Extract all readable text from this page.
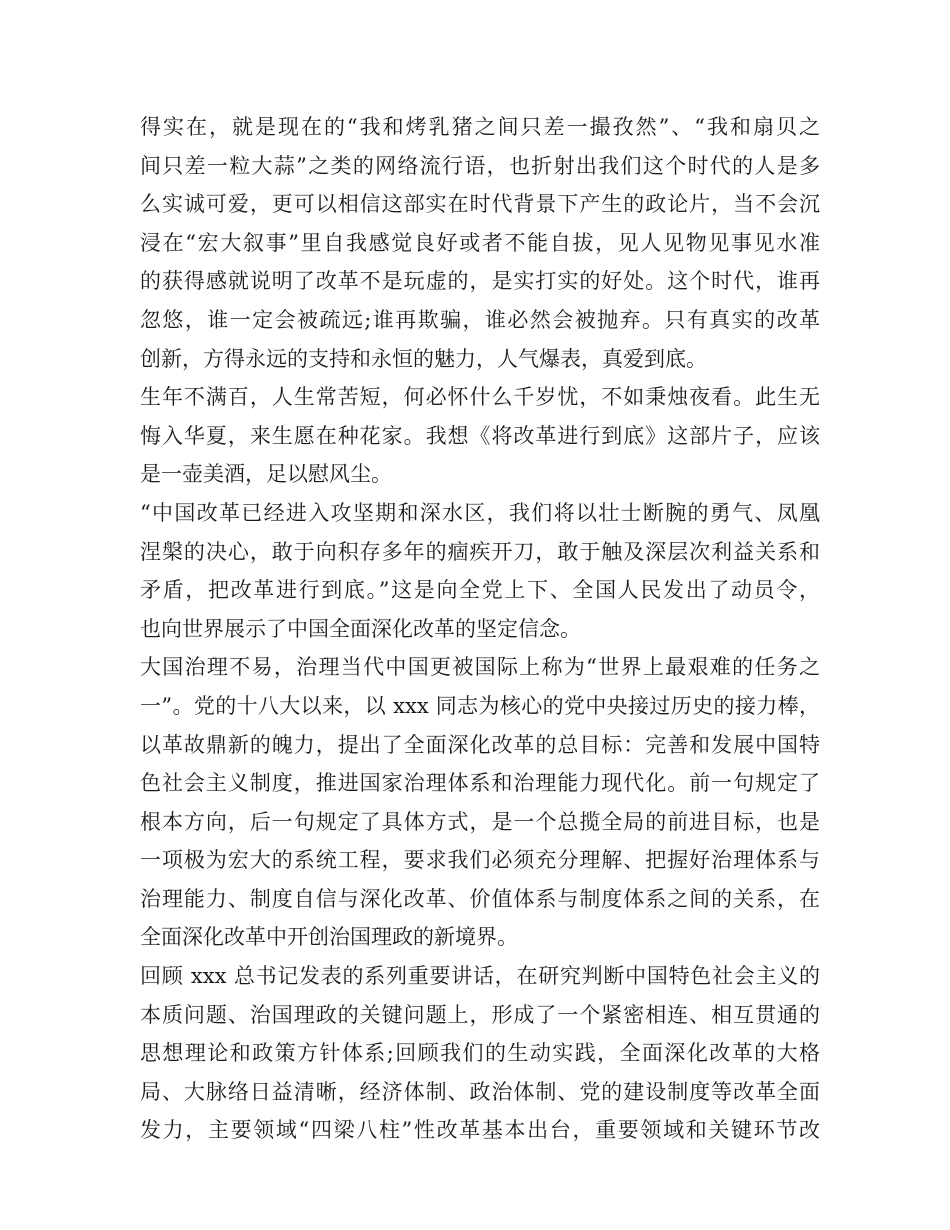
得实在，就是现在的“我和烤乳猪之间只差一撮孜然”、“我和扇贝之
间只差一粒大蒜”之类的网络流行语，也折射出我们这个时代的人是多
么实诚可爱，更可以相信这部实在时代背景下产生的政论片，当不会沉
浸在“宏大叙事”里自我感觉良好或者不能自拔，见人见物见事见水准
的获得感就说明了改革不是玩虚的，是实打实的好处。这个时代，谁再
忽悠，谁一定会被疏远;谁再欺骗，谁必然会被抛弃。只有真实的改革
创新，方得永远的支持和永恒的魅力，人气爆表，真爱到底。
生年不满百，人生常苦短，何必怀什么千岁忧，不如秉烛夜看。此生无
悔入华夏，来生愿在种花家。我想《将改革进行到底》这部片子，应该
是一壶美酒，足以慰风尘。
“中国改革已经进入攻坚期和深水区，我们将以壮士断腕的勇气、凤凰
涅槃的决心，敢于向积存多年的痼疾开刀，敢于触及深层次利益关系和
矛盾，把改革进行到底。”这是向全党上下、全国人民发出了动员令，
也向世界展示了中国全面深化改革的坚定信念。
大国治理不易，治理当代中国更被国际上称为“世界上最艰难的任务之
一”。党的十八大以来，以 xxx 同志为核心的党中央接过历史的接力棒，
以革故鼎新的魄力，提出了全面深化改革的总目标：完善和发展中国特
色社会主义制度，推进国家治理体系和治理能力现代化。前一句规定了
根本方向，后一句规定了具体方式，是一个总揽全局的前进目标，也是
一项极为宏大的系统工程，要求我们必须充分理解、把握好治理体系与
治理能力、制度自信与深化改革、价值体系与制度体系之间的关系，在
全面深化改革中开创治国理政的新境界。
回顾 xxx 总书记发表的系列重要讲话，在研究判断中国特色社会主义的
本质问题、治国理政的关键问题上，形成了一个紧密相连、相互贯通的
思想理论和政策方针体系;回顾我们的生动实践，全面深化改革的大格
局、大脉络日益清晰，经济体制、政治体制、党的建设制度等改革全面
发力，主要领域“四梁八柱”性改革基本出台，重要领域和关键环节改
